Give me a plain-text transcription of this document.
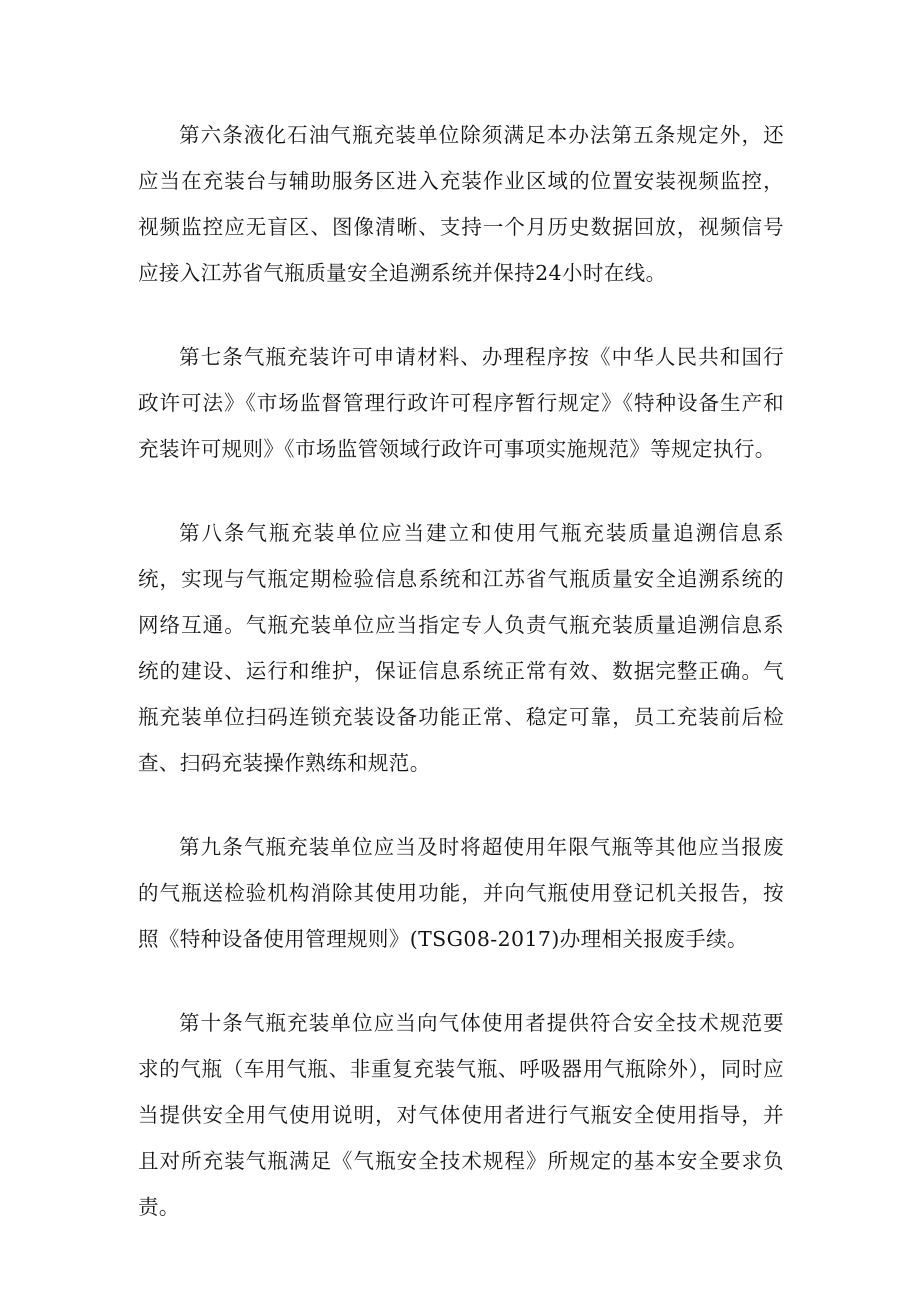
第六条液化石油气瓶充装单位除须满足本办法第五条规定外，还应当在充装台与辅助服务区进入充装作业区域的位置安装视频监控，视频监控应无盲区、图像清晰、支持一个月历史数据回放，视频信号应接入江苏省气瓶质量安全追溯系统并保持24小时在线。

第七条气瓶充装许可申请材料、办理程序按《中华人民共和国行政许可法》《市场监督管理行政许可程序暂行规定》《特种设备生产和充装许可规则》《市场监管领域行政许可事项实施规范》等规定执行。

第八条气瓶充装单位应当建立和使用气瓶充装质量追溯信息系统，实现与气瓶定期检验信息系统和江苏省气瓶质量安全追溯系统的网络互通。气瓶充装单位应当指定专人负责气瓶充装质量追溯信息系统的建设、运行和维护，保证信息系统正常有效、数据完整正确。气瓶充装单位扫码连锁充装设备功能正常、稳定可靠，员工充装前后检查、扫码充装操作熟练和规范。

第九条气瓶充装单位应当及时将超使用年限气瓶等其他应当报废的气瓶送检验机构消除其使用功能，并向气瓶使用登记机关报告，按照《特种设备使用管理规则》(TSG08-2017)办理相关报废手续。

第十条气瓶充装单位应当向气体使用者提供符合安全技术规范要求的气瓶（车用气瓶、非重复充装气瓶、呼吸器用气瓶除外），同时应当提供安全用气使用说明，对气体使用者进行气瓶安全使用指导，并且对所充装气瓶满足《气瓶安全技术规程》所规定的基本安全要求负责。
